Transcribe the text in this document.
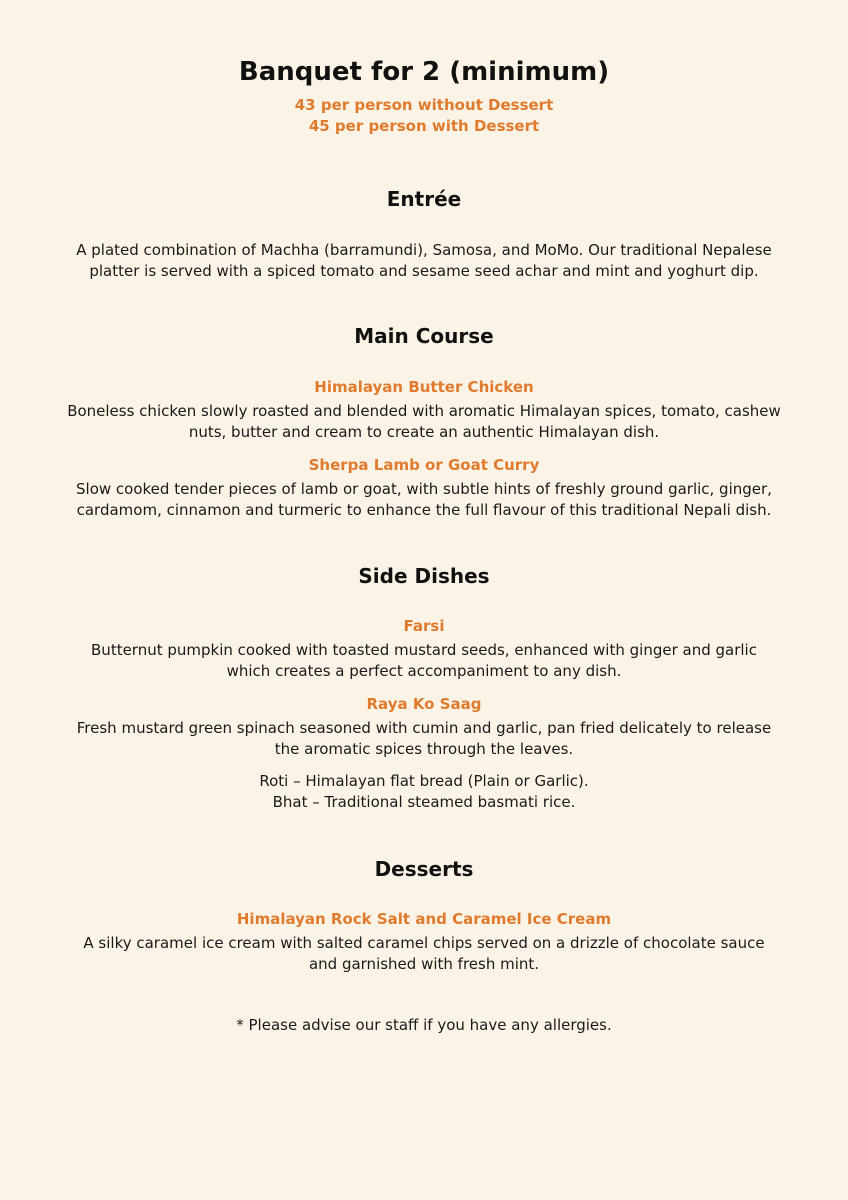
Banquet for 2 (minimum)
43 per person without Dessert
45 per person with Dessert
Entrée
A plated combination of Machha (barramundi), Samosa, and MoMo. Our traditional Nepalese
platter is served with a spiced tomato and sesame seed achar and mint and yoghurt dip.
Main Course
Himalayan Butter Chicken
Boneless chicken slowly roasted and blended with aromatic Himalayan spices, tomato, cashew
nuts, butter and cream to create an authentic Himalayan dish.
Sherpa Lamb or Goat Curry
Slow cooked tender pieces of lamb or goat, with subtle hints of freshly ground garlic, ginger,
cardamom, cinnamon and turmeric to enhance the full flavour of this traditional Nepali dish.
Side Dishes
Farsi
Butternut pumpkin cooked with toasted mustard seeds, enhanced with ginger and garlic
which creates a perfect accompaniment to any dish.
Raya Ko Saag
Fresh mustard green spinach seasoned with cumin and garlic, pan fried delicately to release
the aromatic spices through the leaves.
Roti – Himalayan flat bread (Plain or Garlic).
Bhat – Traditional steamed basmati rice.
Desserts
Himalayan Rock Salt and Caramel Ice Cream
A silky caramel ice cream with salted caramel chips served on a drizzle of chocolate sauce
and garnished with fresh mint.
* Please advise our staff if you have any allergies.
